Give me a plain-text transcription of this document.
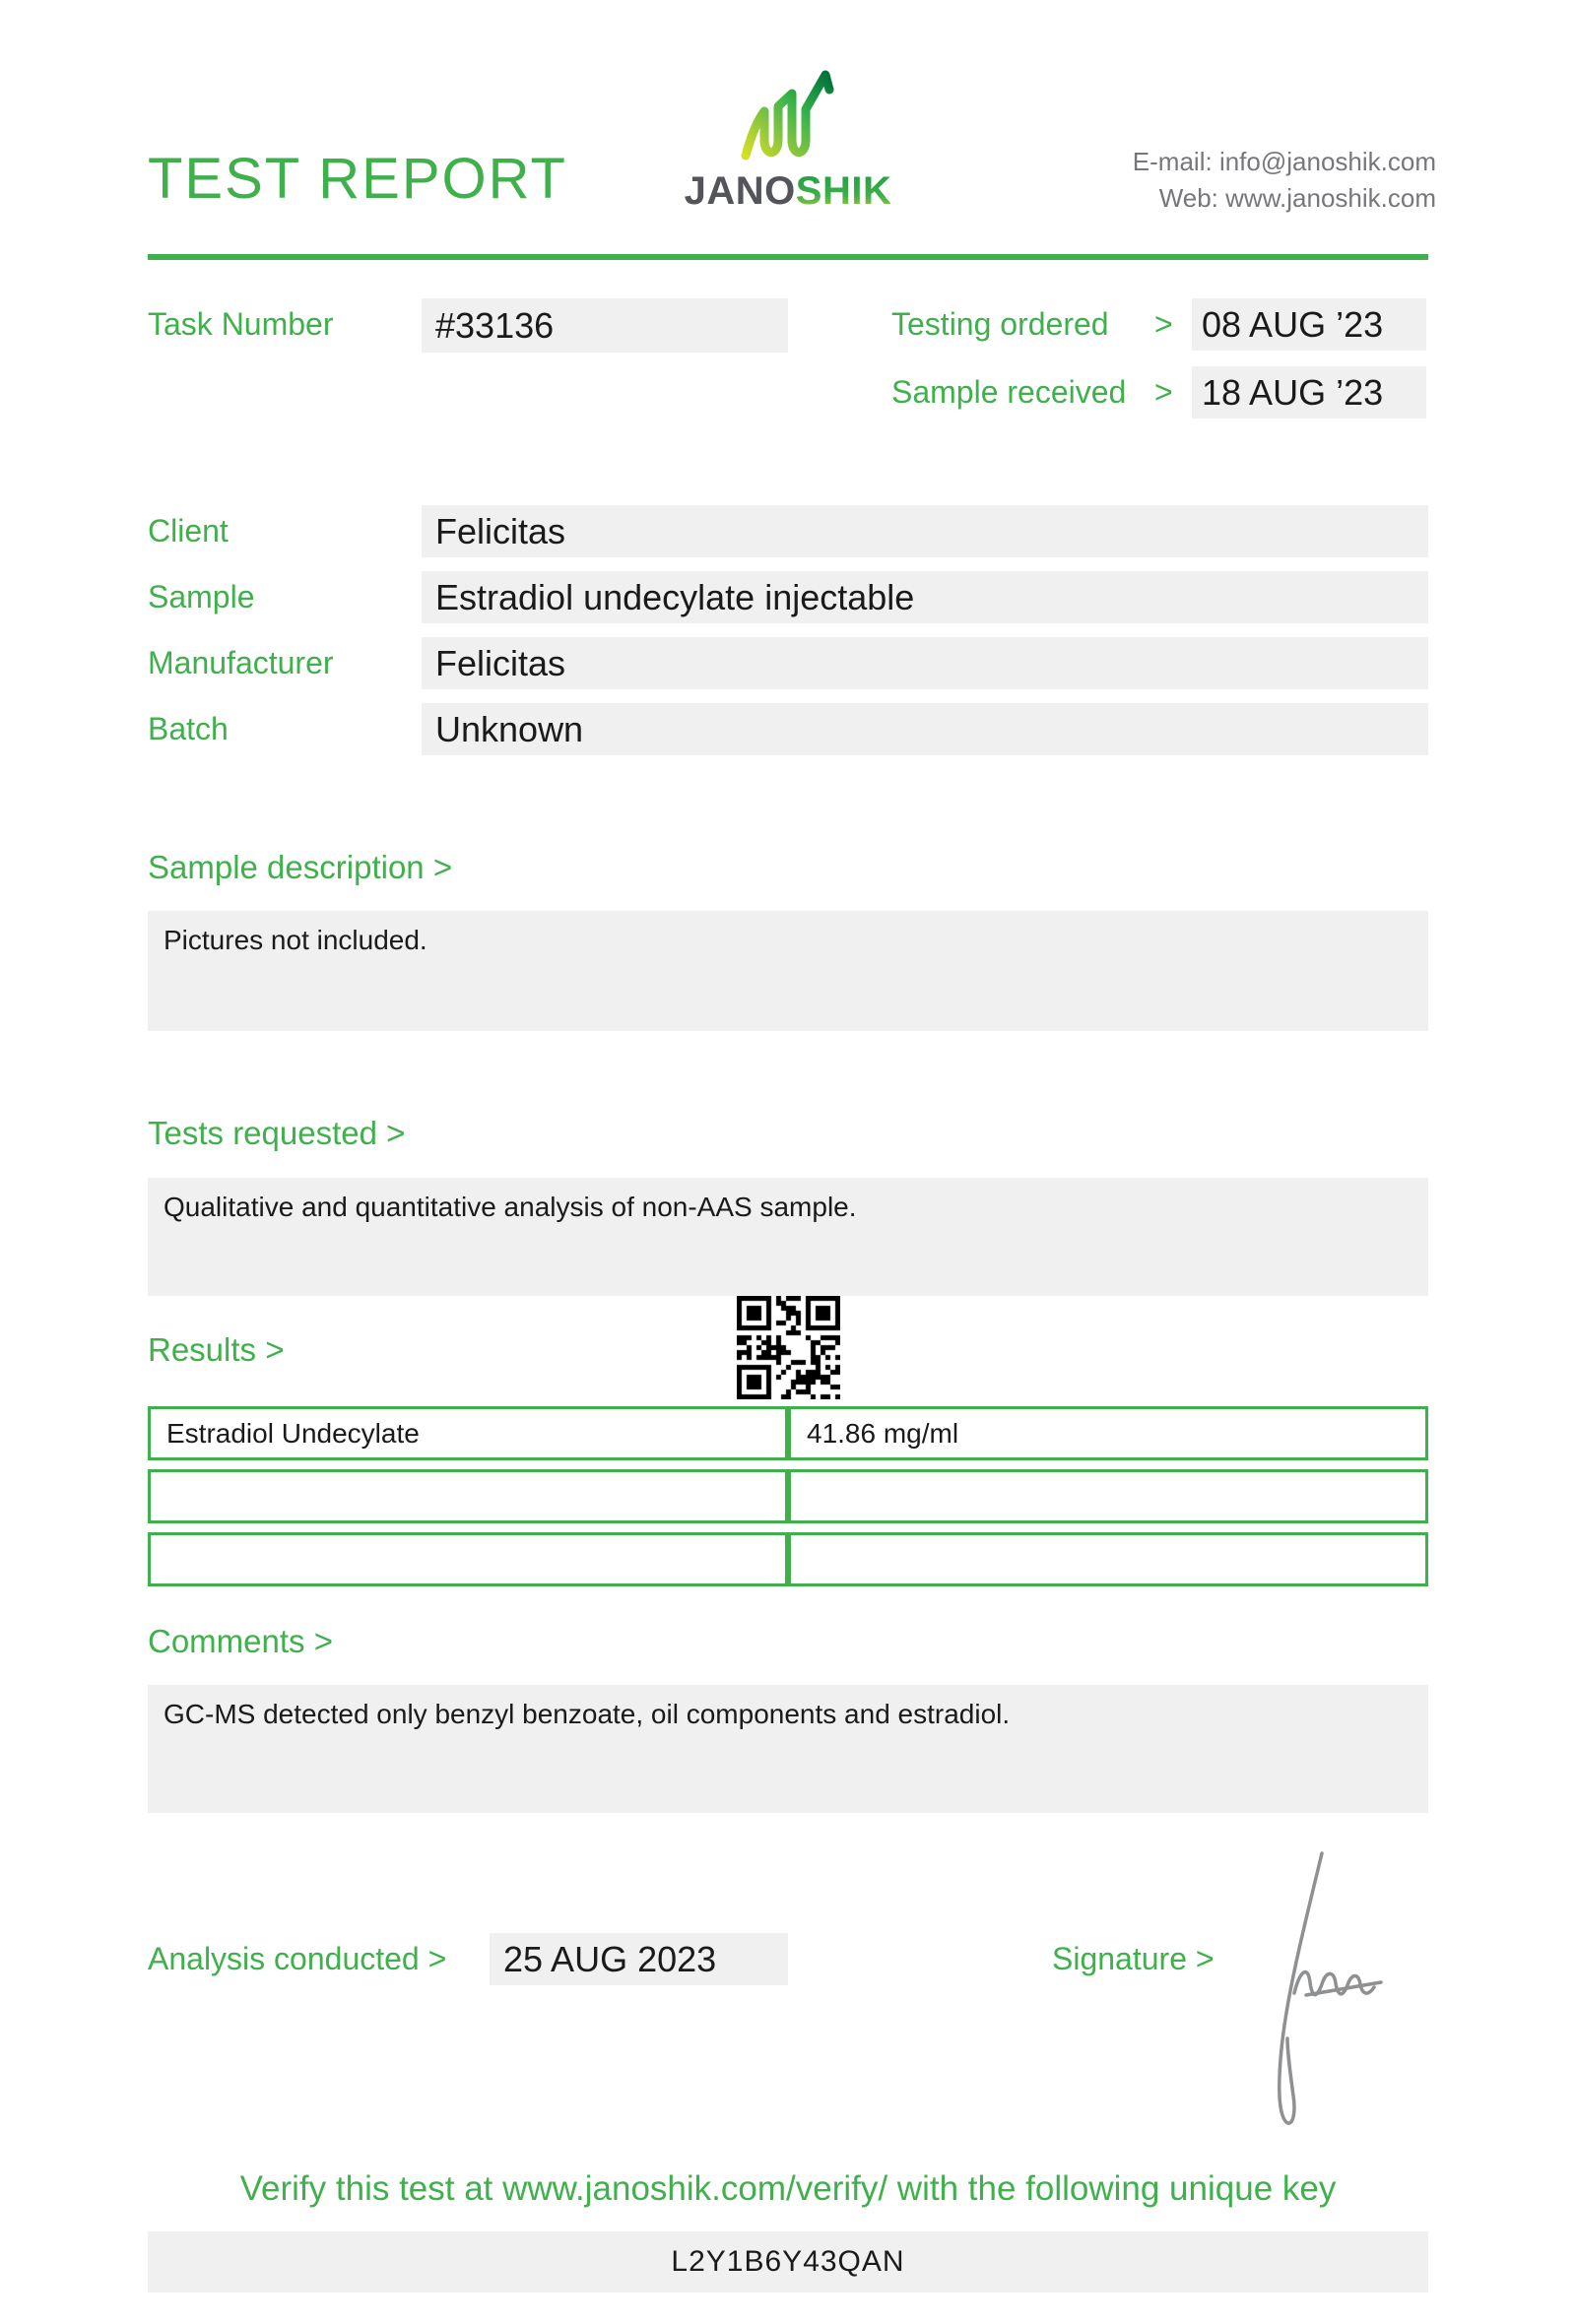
TEST REPORT	JANOSHIK
E-mail: info@janoshik.com
Web: www.janoshik.com
Task Number	#33136	Testing ordered > 08 AUG ’23
Sample received > 18 AUG ’23
Client	Felicitas
Sample	Estradiol undecylate injectable
Manufacturer	Felicitas
Batch	Unknown
Sample description >
Pictures not included.
Tests requested >
Qualitative and quantitative analysis of non-AAS sample.
Results >
Estradiol Undecylate	41.86 mg/ml
Comments >
GC-MS detected only benzyl benzoate, oil components and estradiol.
Analysis conducted >	25 AUG 2023	Signature >
Verify this test at www.janoshik.com/verify/ with the following unique key
L2Y1B6Y43QAN
